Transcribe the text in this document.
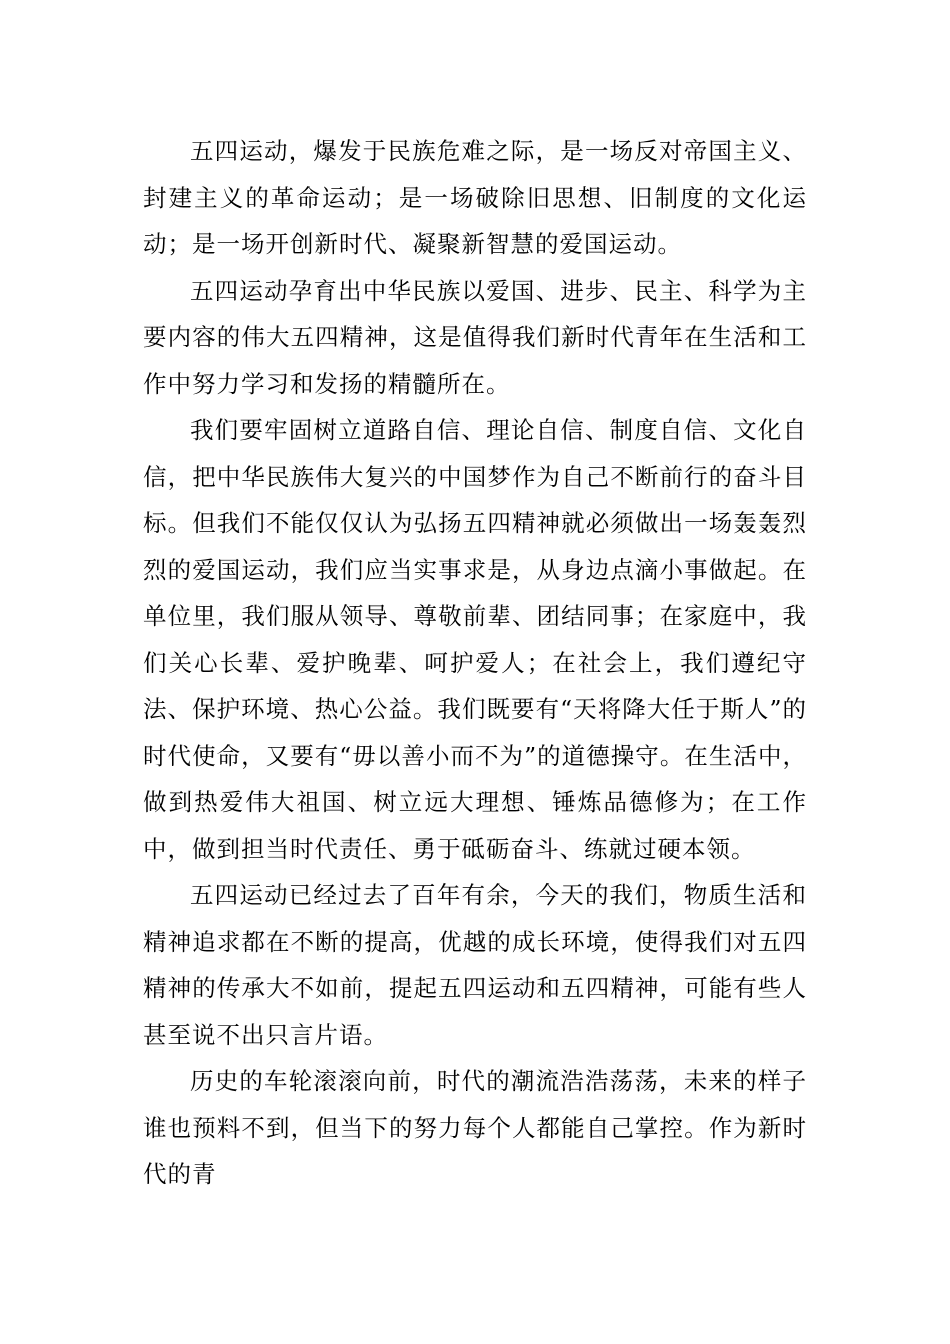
五四运动，爆发于民族危难之际，是一场反对帝国主义、封建主义的革命运动；是一场破除旧思想、旧制度的文化运动；是一场开创新时代、凝聚新智慧的爱国运动。

五四运动孕育出中华民族以爱国、进步、民主、科学为主要内容的伟大五四精神，这是值得我们新时代青年在生活和工作中努力学习和发扬的精髓所在。

我们要牢固树立道路自信、理论自信、制度自信、文化自信，把中华民族伟大复兴的中国梦作为自己不断前行的奋斗目标。但我们不能仅仅认为弘扬五四精神就必须做出一场轰轰烈烈的爱国运动，我们应当实事求是，从身边点滴小事做起。在单位里，我们服从领导、尊敬前辈、团结同事；在家庭中，我们关心长辈、爱护晚辈、呵护爱人；在社会上，我们遵纪守法、保护环境、热心公益。我们既要有“天将降大任于斯人”的时代使命，又要有“毋以善小而不为”的道德操守。在生活中，做到热爱伟大祖国、树立远大理想、锤炼品德修为；在工作中，做到担当时代责任、勇于砥砺奋斗、练就过硬本领。

五四运动已经过去了百年有余，今天的我们，物质生活和精神追求都在不断的提高，优越的成长环境，使得我们对五四精神的传承大不如前，提起五四运动和五四精神，可能有些人甚至说不出只言片语。

历史的车轮滚滚向前，时代的潮流浩浩荡荡，未来的样子谁也预料不到，但当下的努力每个人都能自己掌控。作为新时代的青
